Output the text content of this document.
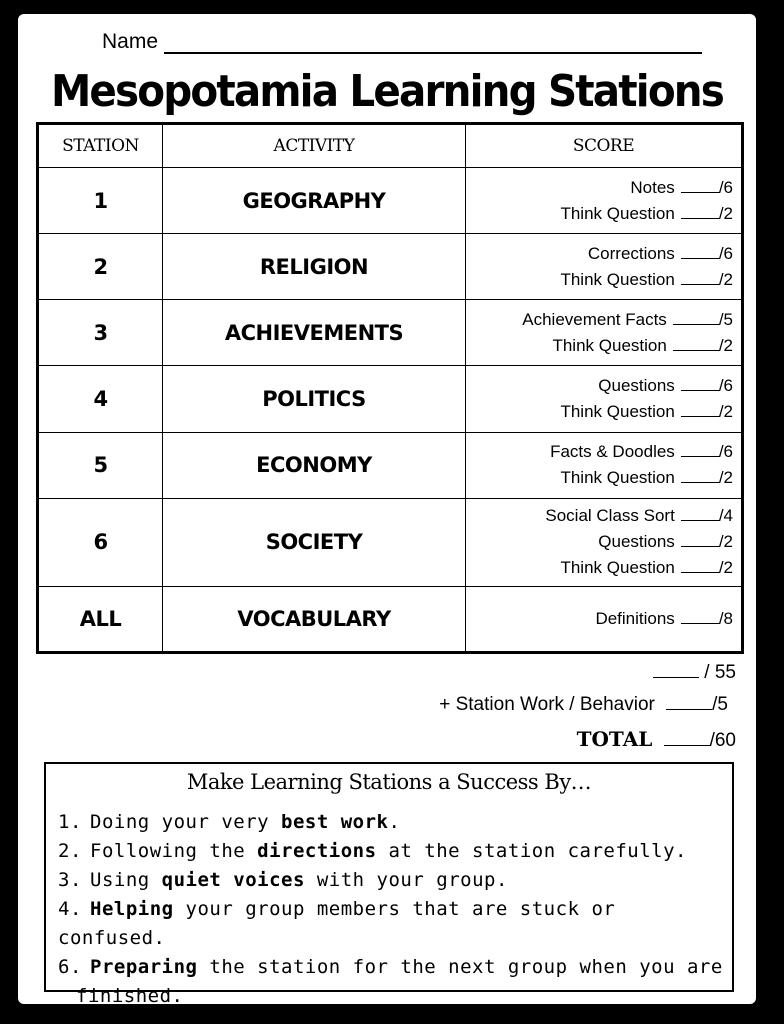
Name
Mesopotamia Learning Stations
STATION	ACTIVITY	SCORE
1	GEOGRAPHY	Notes /6
Think Question /2

2	RELIGION	Corrections /6
Think Question /2

3	ACHIEVEMENTS	Achievement Facts /5
Think Question /2

4	POLITICS	Questions /6
Think Question /2

5	ECONOMY	Facts & Doodles /6
Think Question /2

6	SOCIETY	Social Class Sort /4
Questions /2
Think Question /2

ALL	VOCABULARY	Definitions /8
/ 55
+ Station Work / Behavior	/5
TOTAL	/60
Make Learning Stations a Success By…
1. Doing your very best work.
2. Following the directions at the station carefully.
3. Using quiet voices with your group.
4. Helping your group members that are stuck or confused.
6. Preparing the station for the next group when you are
finished.
